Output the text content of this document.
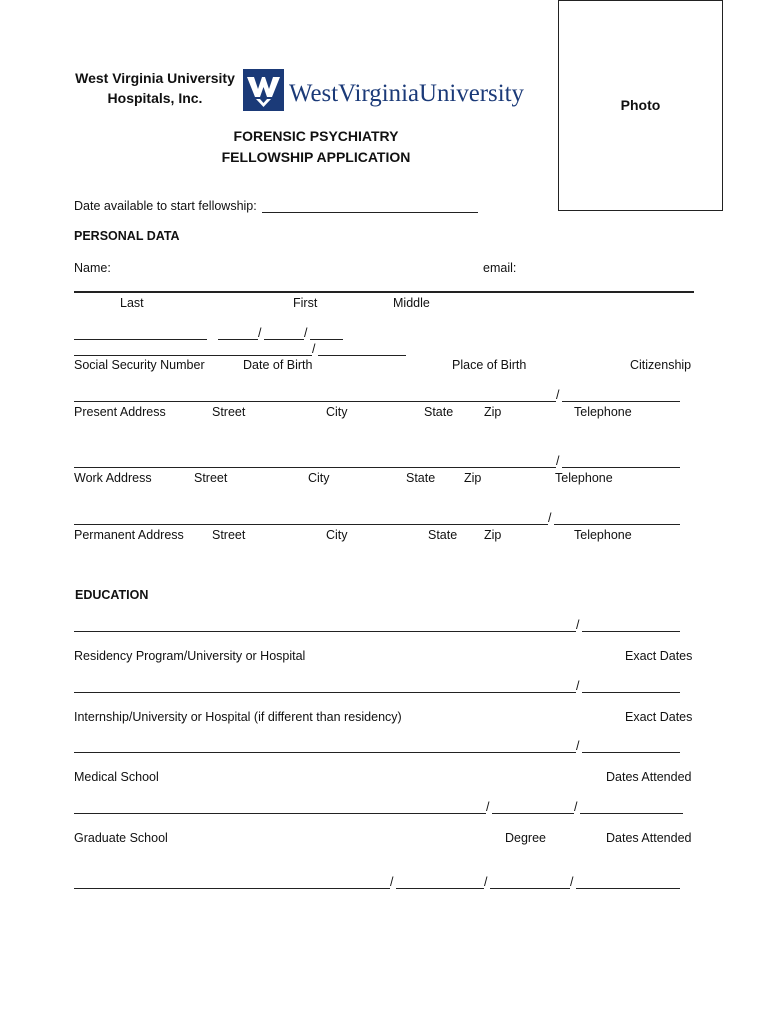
West Virginia University Hospitals, Inc.	WestVirginiaUniversity
FORENSIC PSYCHIATRY FELLOWSHIP APPLICATION
Photo
Date available to start fellowship:
PERSONAL DATA
Name:	email:
Last	First	Middle
/	/
/
Social Security Number	Date of Birth	Place of Birth	Citizenship
/
Present Address	Street	City	State Zip	Telephone
/
Work Address	Street	City	State Zip	Telephone
/
Permanent Address Street	City	State Zip	Telephone
EDUCATION
/
Residency Program/University or Hospital	Exact Dates
/
Internship/University or Hospital (if different than residency)	Exact Dates
/
Medical School	Dates Attended
/	/
Graduate School	Degree	Dates Attended
/	/	/
